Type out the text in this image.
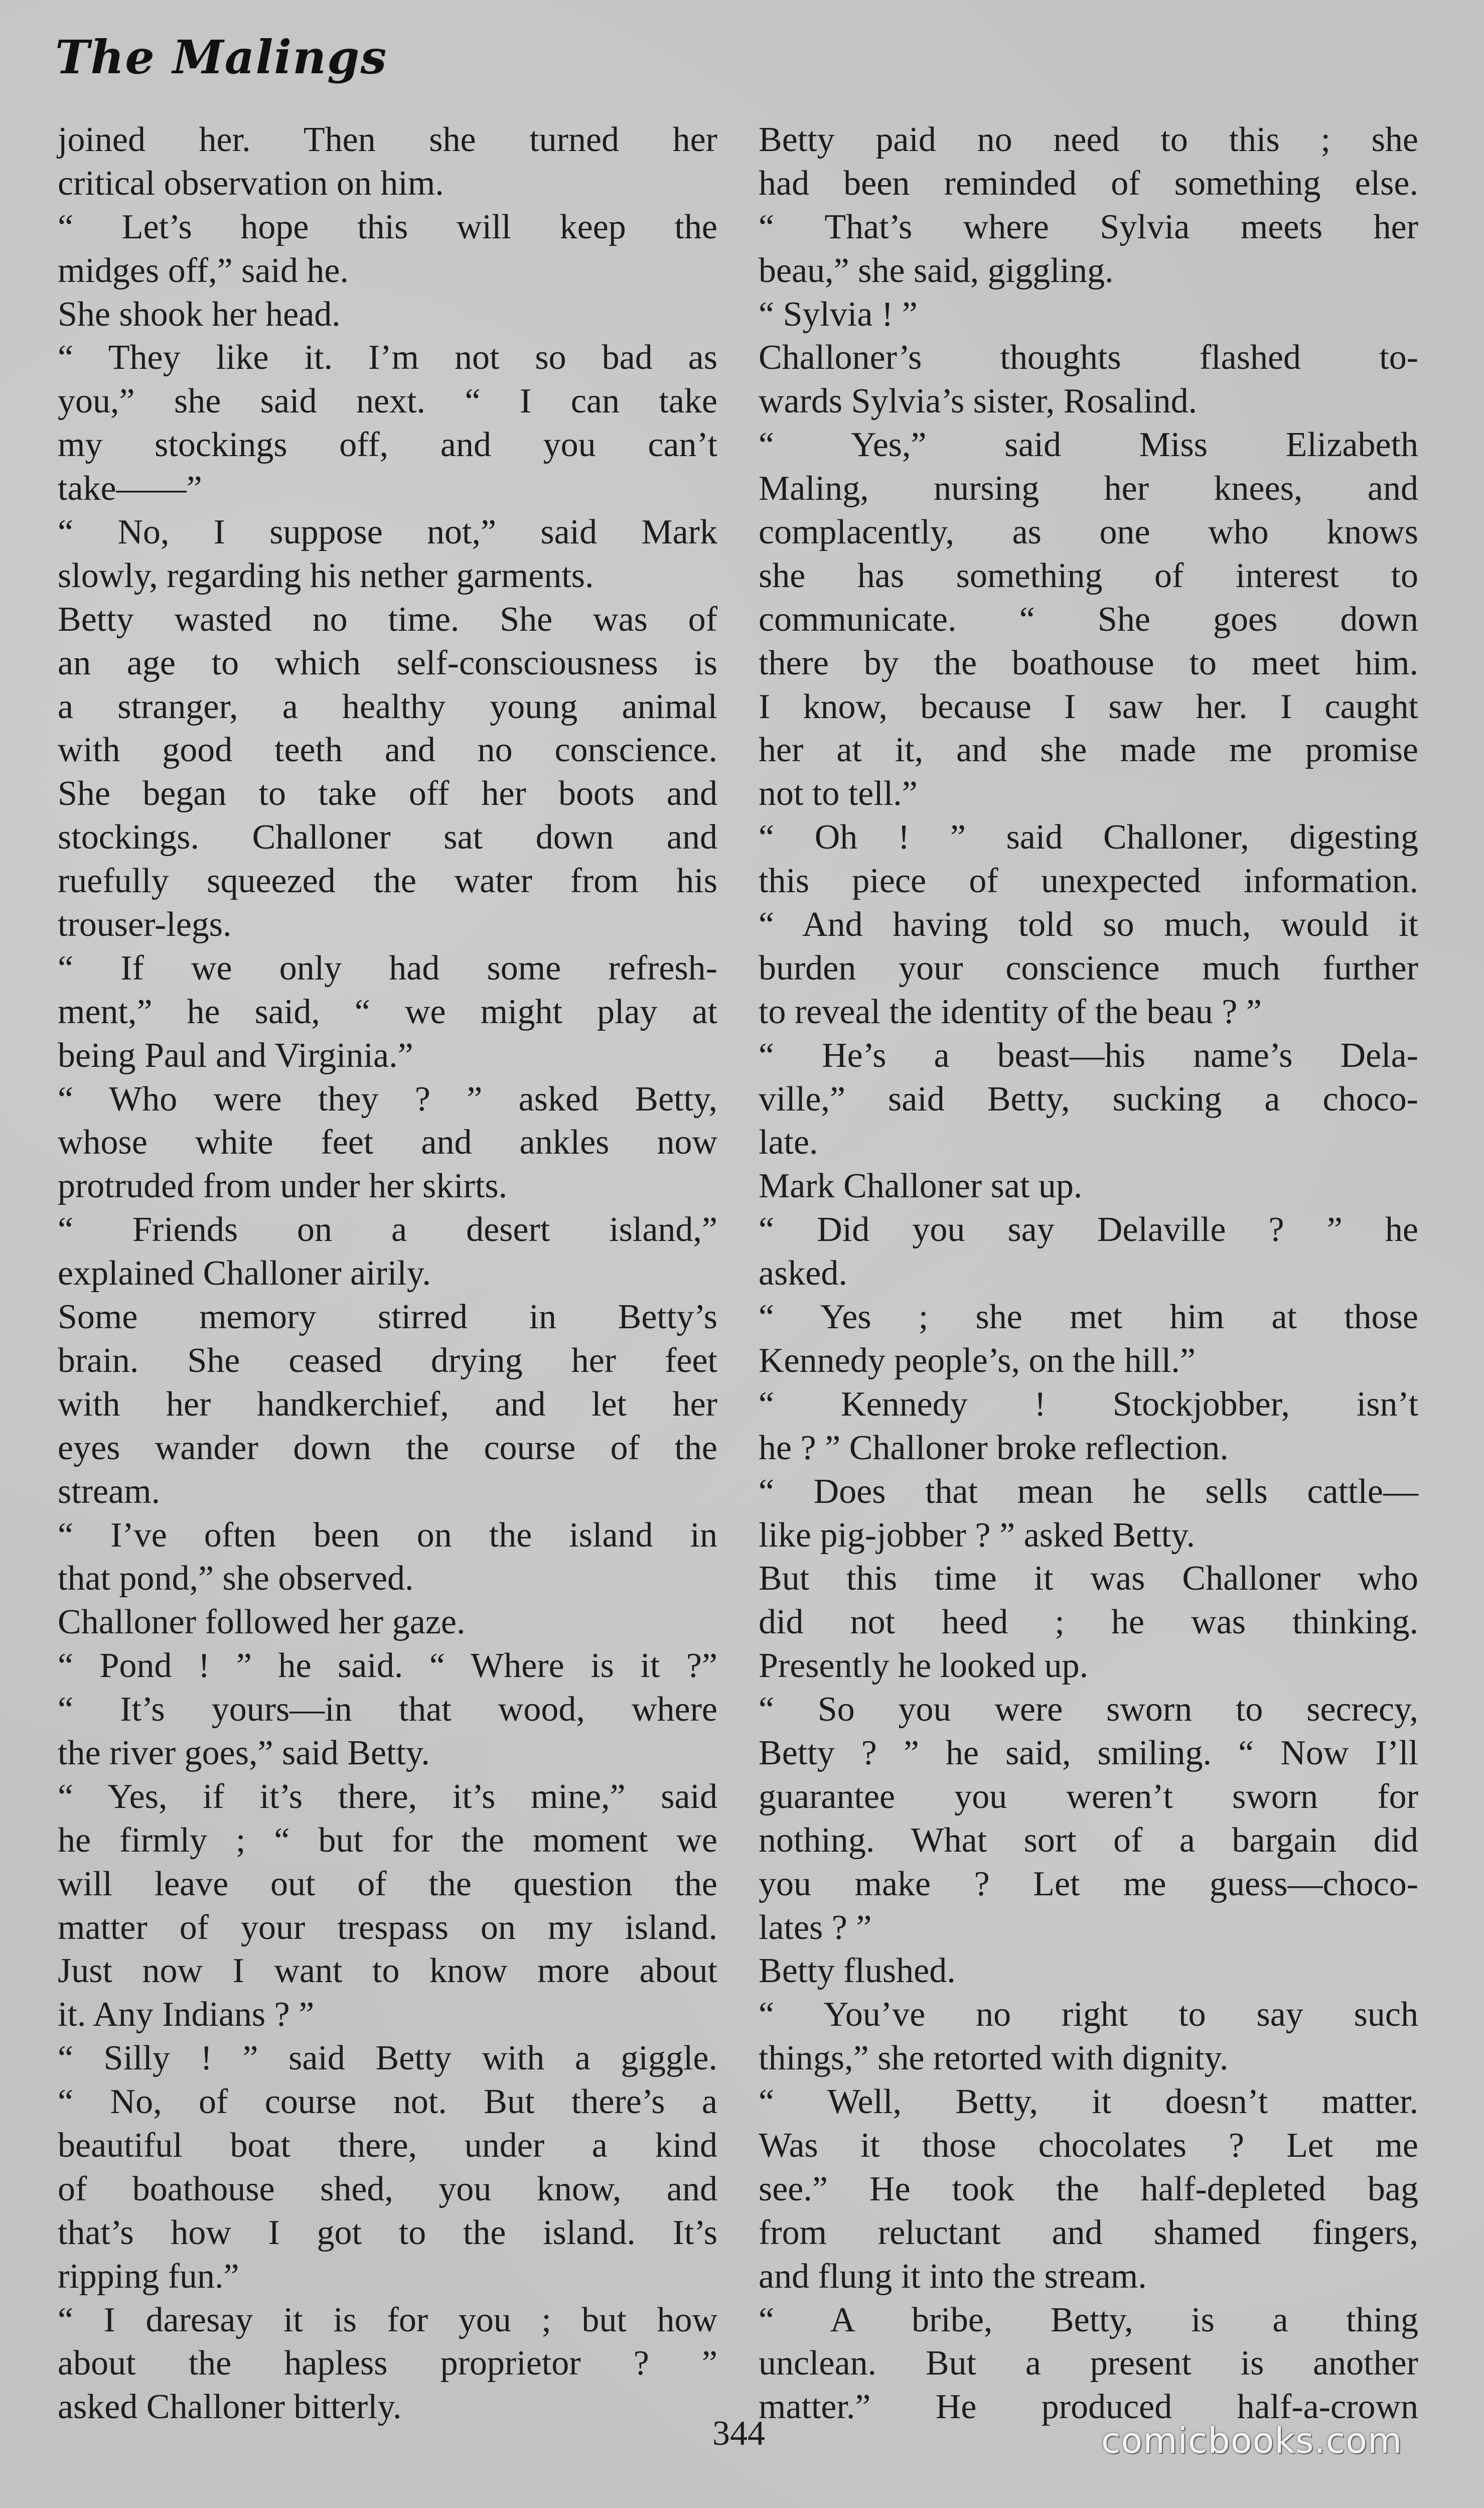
The Malings
joined her. Then she turned her
critical observation on him.
“ Let’s hope this will keep the
midges off,” said he.
She shook her head.
“ They like it. I’m not so bad as
you,” she said next. “ I can take
my stockings off, and you can’t
take——”
“ No, I suppose not,” said Mark
slowly, regarding his nether garments.
Betty wasted no time. She was of
an age to which self-consciousness is
a stranger, a healthy young animal
with good teeth and no conscience.
She began to take off her boots and
stockings. Challoner sat down and
ruefully squeezed the water from his
trouser-legs.
“ If we only had some refresh-
ment,” he said, “ we might play at
being Paul and Virginia.”
“ Who were they ? ” asked Betty,
whose white feet and ankles now
protruded from under her skirts.
“ Friends on a desert island,”
explained Challoner airily.
Some memory stirred in Betty’s
brain. She ceased drying her feet
with her handkerchief, and let her
eyes wander down the course of the
stream.
“ I’ve often been on the island in
that pond,” she observed.
Challoner followed her gaze.
“ Pond ! ” he said. “ Where is it ?”
“ It’s yours—in that wood, where
the river goes,” said Betty.
“ Yes, if it’s there, it’s mine,” said
he firmly ; “ but for the moment we
will leave out of the question the
matter of your trespass on my island.
Just now I want to know more about
it. Any Indians ? ”
“ Silly ! ” said Betty with a giggle.
“ No, of course not. But there’s a
beautiful boat there, under a kind
of boathouse shed, you know, and
that’s how I got to the island. It’s
ripping fun.”
“ I daresay it is for you ; but how
about the hapless proprietor ? ”
asked Challoner bitterly.
Betty paid no need to this ; she
had been reminded of something else.
“ That’s where Sylvia meets her
beau,” she said, giggling.
“ Sylvia ! ”
Challoner’s thoughts flashed to-
wards Sylvia’s sister, Rosalind.
“ Yes,” said Miss Elizabeth
Maling, nursing her knees, and
complacently, as one who knows
she has something of interest to
communicate. “ She goes down
there by the boathouse to meet him.
I know, because I saw her. I caught
her at it, and she made me promise
not to tell.”
“ Oh ! ” said Challoner, digesting
this piece of unexpected information.
“ And having told so much, would it
burden your conscience much further
to reveal the identity of the beau ? ”
“ He’s a beast—his name’s Dela-
ville,” said Betty, sucking a choco-
late.
Mark Challoner sat up.
“ Did you say Delaville ? ” he
asked.
“ Yes ; she met him at those
Kennedy people’s, on the hill.”
“ Kennedy ! Stockjobber, isn’t
he ? ” Challoner broke reflection.
“ Does that mean he sells cattle—
like pig-jobber ? ” asked Betty.
But this time it was Challoner who
did not heed ; he was thinking.
Presently he looked up.
“ So you were sworn to secrecy,
Betty ? ” he said, smiling. “ Now I’ll
guarantee you weren’t sworn for
nothing. What sort of a bargain did
you make ? Let me guess—choco-
lates ? ”
Betty flushed.
“ You’ve no right to say such
things,” she retorted with dignity.
“ Well, Betty, it doesn’t matter.
Was it those chocolates ? Let me
see.” He took the half-depleted bag
from reluctant and shamed fingers,
and flung it into the stream.
“ A bribe, Betty, is a thing
unclean. But a present is another
matter.” He produced half-a-crown
344	comicbooks.com
